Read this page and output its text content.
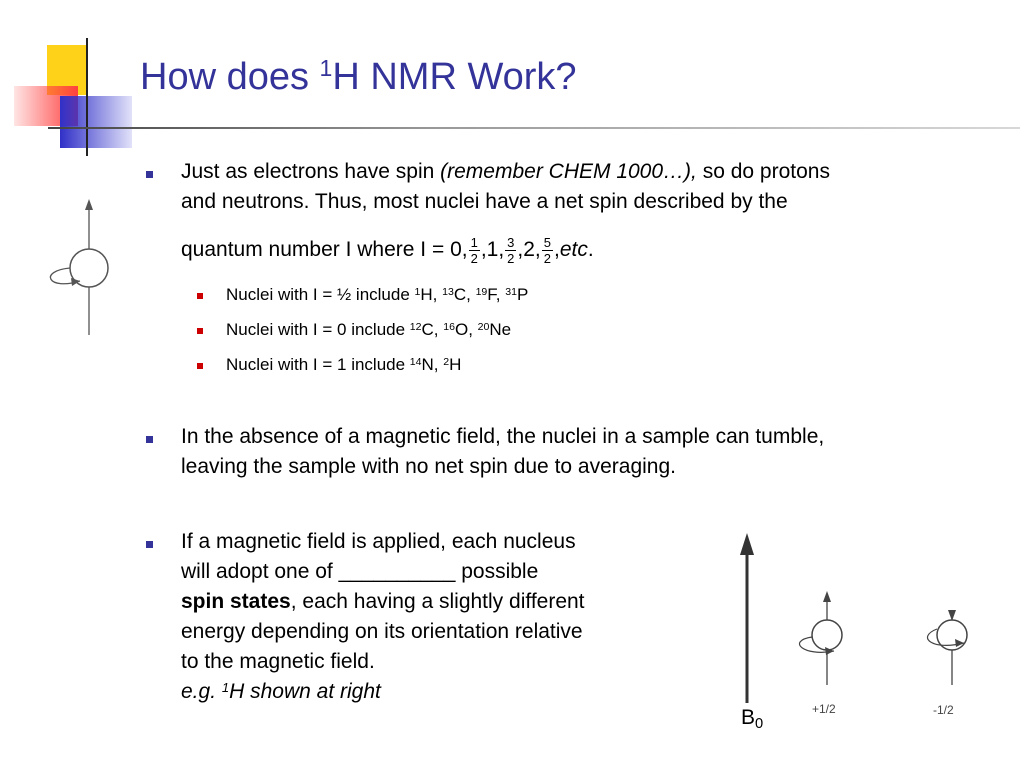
How does $^1$H NMR Work?
Just as electrons have spin (remember CHEM 1000…), so do protons
and neutrons. Thus, most nuclei have a net spin described by the
quantum number I where I = 0, $\frac{1}{2} ,1$, $\frac{3}{2} ,2$, $\frac{5}{2}$ , etc .
Nuclei with I = ½ include $^1$H, $^{13}$C, $^{19}$F, $^{31}$P
Nuclei with I = 0 include $^{12}$C, $^{16}$O, $^{20}$Ne
Nuclei with I = 1 include $^{14}$N, $^2$H
In the absence of a magnetic field, the nuclei in a sample can tumble,
leaving the sample with no net spin due to averaging.
If a magnetic field is applied, each nucleus
will adopt one of __________ possible
spin states, each having a slightly different
energy depending on its orientation relative
to the magnetic field.
e.g. $^1$H shown at right
$B_0$
+1/2	-1/2
